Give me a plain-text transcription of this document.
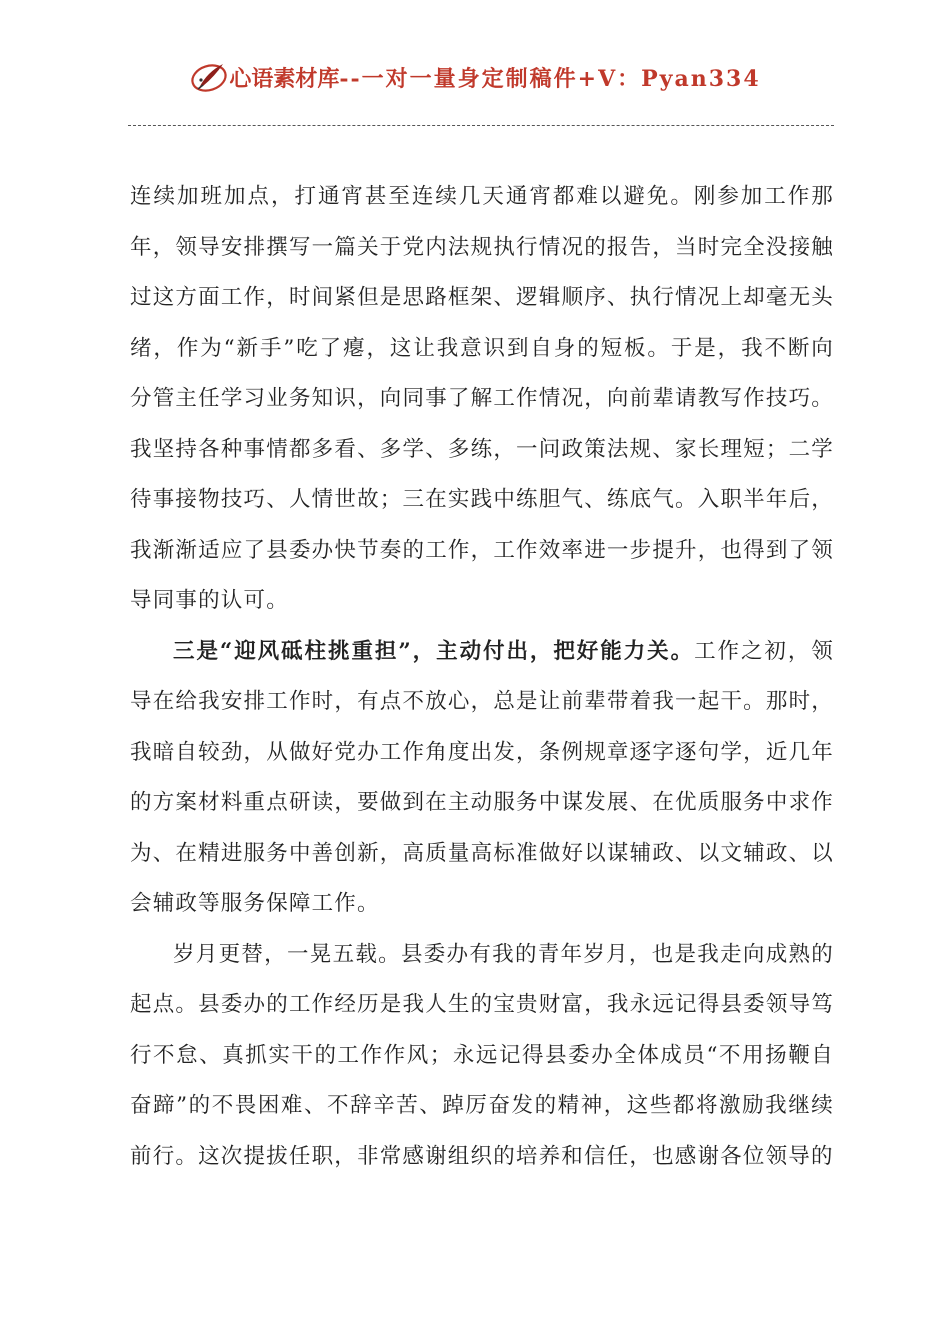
心语素材库 --一对一量身定制稿件+V：Pyan334

连续加班加点，打通宵甚至连续几天通宵都难以避免。刚参加工作那年，领导安排撰写一篇关于党内法规执行情况的报告，当时完全没接触过这方面工作，时间紧但是思路框架、逻辑顺序、执行情况上却毫无头绪，作为“新手”吃了瘪，这让我意识到自身的短板。于是，我不断向分管主任学习业务知识，向同事了解工作情况，向前辈请教写作技巧。我坚持各种事情都多看、多学、多练，一问政策法规、家长理短；二学待事接物技巧、人情世故；三在实践中练胆气、练底气。入职半年后，我渐渐适应了县委办快节奏的工作，工作效率进一步提升，也得到了领导同事的认可。

三是“迎风砥柱挑重担”，主动付出，把好能力关。工作之初，领导在给我安排工作时，有点不放心，总是让前辈带着我一起干。那时，我暗自较劲，从做好党办工作角度出发，条例规章逐字逐句学，近几年的方案材料重点研读，要做到在主动服务中谋发展、在优质服务中求作为、在精进服务中善创新，高质量高标准做好以谋辅政、以文辅政、以会辅政等服务保障工作。

岁月更替，一晃五载。县委办有我的青年岁月，也是我走向成熟的起点。县委办的工作经历是我人生的宝贵财富，我永远记得县委领导笃行不怠、真抓实干的工作作风；永远记得县委办全体成员“不用扬鞭自奋蹄”的不畏困难、不辞辛苦、踔厉奋发的精神，这些都将激励我继续前行。这次提拔任职，非常感谢组织的培养和信任，也感谢各位领导的
